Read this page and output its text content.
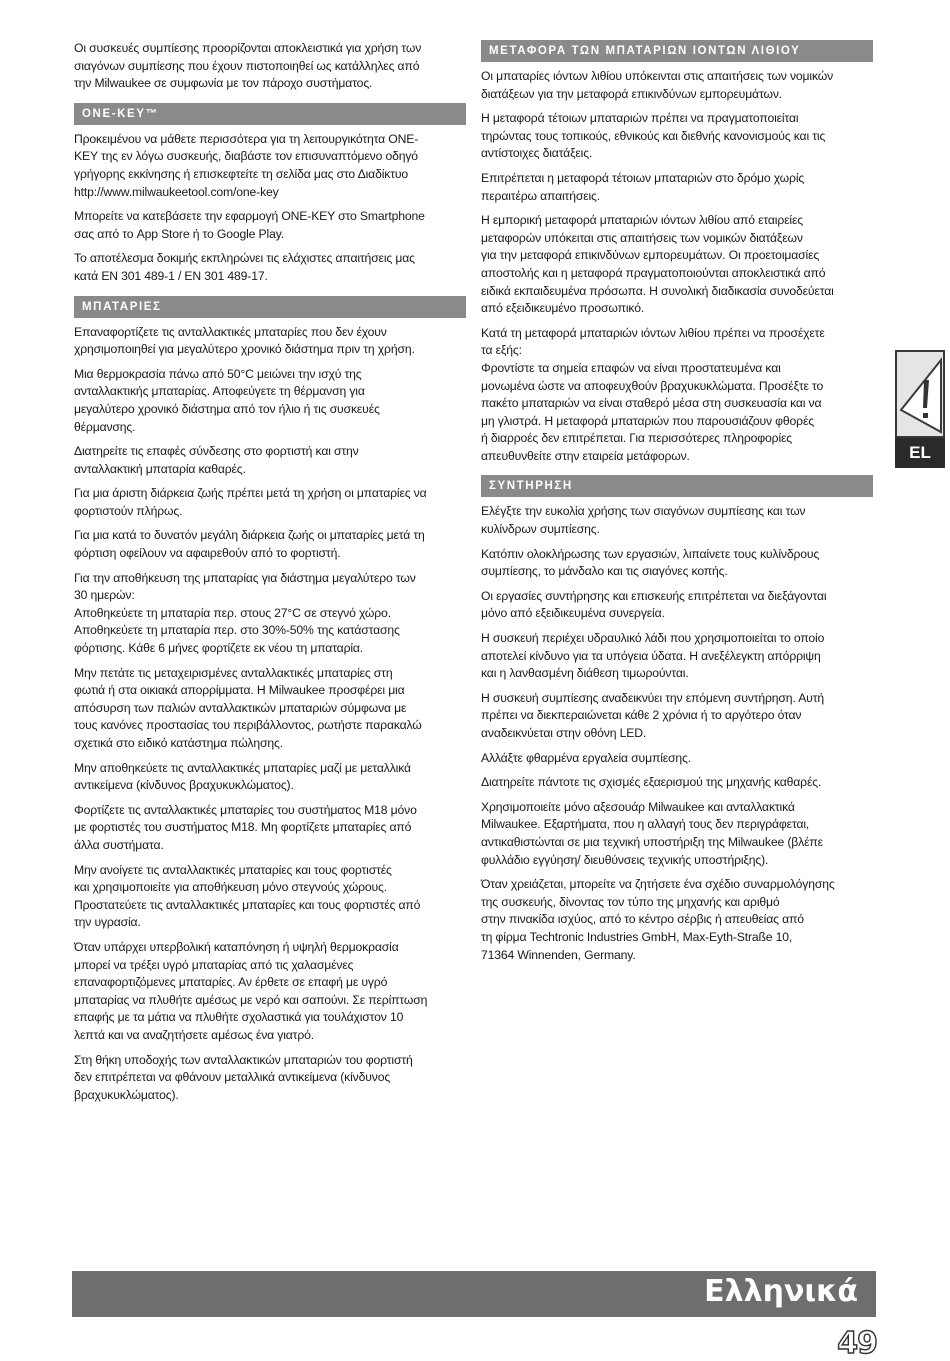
Οι συσκευές συμπίεσης προορίζονται αποκλειστικά για χρήση των
σιαγόνων συμπίεσης που έχουν πιστοποιηθεί ως κατάλληλες από
την Milwaukee σε συμφωνία με τον πάροχο συστήματος.

ONE-KEY™

Προκειμένου να μάθετε περισσότερα για τη λειτουργικότητα ONE-
KEY της εν λόγω συσκευής, διαβάστε τον επισυναπτόμενο οδηγό
γρήγορης εκκίνησης ή επισκεφτείτε τη σελίδα μας στο Διαδίκτυο
http://www.milwaukeetool.com/one-key

Μπορείτε να κατεβάσετε την εφαρμογή ONE-KEY στο Smartphone
σας από το App Store ή το Google Play.

Το αποτέλεσμα δοκιμής εκπληρώνει τις ελάχιστες απαιτήσεις μας
κατά EN 301 489-1 / EN 301 489-17.

ΜΠΑΤΑΡΙΕΣ

Επαναφορτίζετε τις ανταλλακτικές μπαταρίες που δεν έχουν
χρησιμοποιηθεί για μεγαλύτερο χρονικό διάστημα πριν τη χρήση.

Μια θερμοκρασία πάνω από 50°C μειώνει την ισχύ της
ανταλλακτικής μπαταρίας. Αποφεύγετε τη θέρμανση για
μεγαλύτερο χρονικό διάστημα από τον ήλιο ή τις συσκευές
θέρμανσης.

Διατηρείτε τις επαφές σύνδεσης στο φορτιστή και στην
ανταλλακτική μπαταρία καθαρές.

Για μια άριστη διάρκεια ζωής πρέπει μετά τη χρήση οι μπαταρίες να
φορτιστούν πλήρως.

Για μια κατά το δυνατόν μεγάλη διάρκεια ζωής οι μπαταρίες μετά τη
φόρτιση οφείλουν να αφαιρεθούν από το φορτιστή.

Για την αποθήκευση της μπαταρίας για διάστημα μεγαλύτερο των
30 ημερών:
Αποθηκεύετε τη μπαταρία περ. στους 27°C σε στεγνό χώρο.
Αποθηκεύετε τη μπαταρία περ. στο 30%-50% της κατάστασης
φόρτισης. Κάθε 6 μήνες φορτίζετε εκ νέου τη μπαταρία.

Μην πετάτε τις μεταχειρισμένες ανταλλακτικές μπαταρίες στη
φωτιά ή στα οικιακά απορρίμματα. Η Milwaukee προσφέρει μια
απόσυρση των παλιών ανταλλακτικών μπαταριών σύμφωνα με
τους κανόνες προστασίας του περιβάλλοντος, ρωτήστε παρακαλώ
σχετικά στο ειδικό κατάστημα πώλησης.

Μην αποθηκεύετε τις ανταλλακτικές μπαταρίες μαζί με μεταλλικά
αντικείμενα (κίνδυνος βραχυκυκλώματος).

Φορτίζετε τις ανταλλακτικές μπαταρίες του συστήματος M18 μόνο
με φορτιστές του συστήματος M18. Μη φορτίζετε μπαταρίες από
άλλα συστήματα.

Μην ανοίγετε τις ανταλλακτικές μπαταρίες και τους φορτιστές
και χρησιμοποιείτε για αποθήκευση μόνο στεγνούς χώρους.
Προστατεύετε τις ανταλλακτικές μπαταρίες και τους φορτιστές από
την υγρασία.

Όταν υπάρχει υπερβολική καταπόνηση ή υψηλή θερμοκρασία
μπορεί να τρέξει υγρό μπαταρίας από τις χαλασμένες
επαναφορτιζόμενες μπαταρίες. Αν έρθετε σε επαφή με υγρό
μπαταρίας να πλυθήτε αμέσως με νερό και σαπούνι. Σε περίπτωση
επαφής με τα μάτια να πλυθήτε σχολαστικά για τουλάχιστον 10
λεπτά και να αναζητήσετε αμέσως ένα γιατρό.

Στη θήκη υποδοχής των ανταλλακτικών μπαταριών του φορτιστή
δεν επιτρέπεται να φθάνουν μεταλλικά αντικείμενα (κίνδυνος
βραχυκυκλώματος).

ΜΕΤΑΦΟΡΑ ΤΩΝ ΜΠΑΤΑΡΙΩΝ ΙΟΝΤΩΝ ΛΙΘΙΟΥ

Οι μπαταρίες ιόντων λιθίου υπόκεινται στις απαιτήσεις των νομικών
διατάξεων για την μεταφορά επικινδύνων εμπορευμάτων.

Η μεταφορά τέτοιων μπαταριών πρέπει να πραγματοποιείται
τηρώντας τους τοπικούς, εθνικούς και διεθνής κανονισμούς και τις
αντίστοιχες διατάξεις.

Επιτρέπεται η μεταφορά τέτοιων μπαταριών στο δρόμο χωρίς
περαιτέρω απαιτήσεις.

Η εμπορική μεταφορά μπαταριών ιόντων λιθίου από εταιρείες
μεταφορών υπόκειται στις απαιτήσεις των νομικών διατάξεων
για την μεταφορά επικινδύνων εμπορευμάτων. Οι προετοιμασίες
αποστολής και η μεταφορά πραγματοποιούνται αποκλειστικά από
ειδικά εκπαιδευμένα πρόσωπα. Η συνολική διαδικασία συνοδεύεται
από εξειδικευμένο προσωπικό.

Κατά τη μεταφορά μπαταριών ιόντων λιθίου πρέπει να προσέχετε
τα εξής:
Φροντίστε τα σημεία επαφών να είναι προστατευμένα και
μονωμένα ώστε να αποφευχθούν βραχυκυκλώματα. Προσέξτε το
πακέτο μπαταριών να είναι σταθερό μέσα στη συσκευασία και να
μη γλιστρά. Η μεταφορά μπαταριών που παρουσιάζουν φθορές
ή διαρροές δεν επιτρέπεται. Για περισσότερες πληροφορίες
απευθυνθείτε στην εταιρεία μετάφορων.

ΣΥΝΤΗΡΗΣΗ

Ελέγξτε την ευκολία χρήσης των σιαγόνων συμπίεσης και των
κυλίνδρων συμπίεσης.

Κατόπιν ολοκλήρωσης των εργασιών, λιπαίνετε τους κυλίνδρους
συμπίεσης, το μάνδαλο και τις σιαγόνες κοπής.

Οι εργασίες συντήρησης και επισκευής επιτρέπεται να διεξάγονται
μόνο από εξειδικευμένα συνεργεία.

Η συσκευή περιέχει υδραυλικό λάδι που χρησιμοποιείται το οποίο
αποτελεί κίνδυνο για τα υπόγεια ύδατα. Η ανεξέλεγκτη απόρριψη
και η λανθασμένη διάθεση τιμωρούνται.

Η συσκευή συμπίεσης αναδεικνύει την επόμενη συντήρηση. Αυτή
πρέπει να διεκπεραιώνεται κάθε 2 χρόνια ή το αργότερο όταν
αναδεικνύεται στην οθόνη LED.

Αλλάξτε φθαρμένα εργαλεία συμπίεσης.

Διατηρείτε πάντοτε τις σχισμές εξαερισμού της μηχανής καθαρές.

Χρησιμοποιείτε μόνο αξεσουάρ Milwaukee και ανταλλακτικά
Milwaukee. Εξαρτήματα, που η αλλαγή τους δεν περιγράφεται,
αντικαθιστώνται σε μια τεχνική υποστήριξη της Milwaukee (βλέπε
φυλλάδιο εγγύηση/ διευθύνσεις τεχνικής υποστήριξης).

Όταν χρειάζεται, μπορείτε να ζητήσετε ένα σχέδιο συναρμολόγησης
της συσκευής, δίνοντας τον τύπο της μηχανής και αριθμό
στην πινακίδα ισχύος, από το κέντρο σέρβις ή απευθείας από
τη φίρμα Techtronic Industries GmbH, Max-Eyth-Straße 10,
71364 Winnenden, Germany.

EL
Ελληνικά
49
